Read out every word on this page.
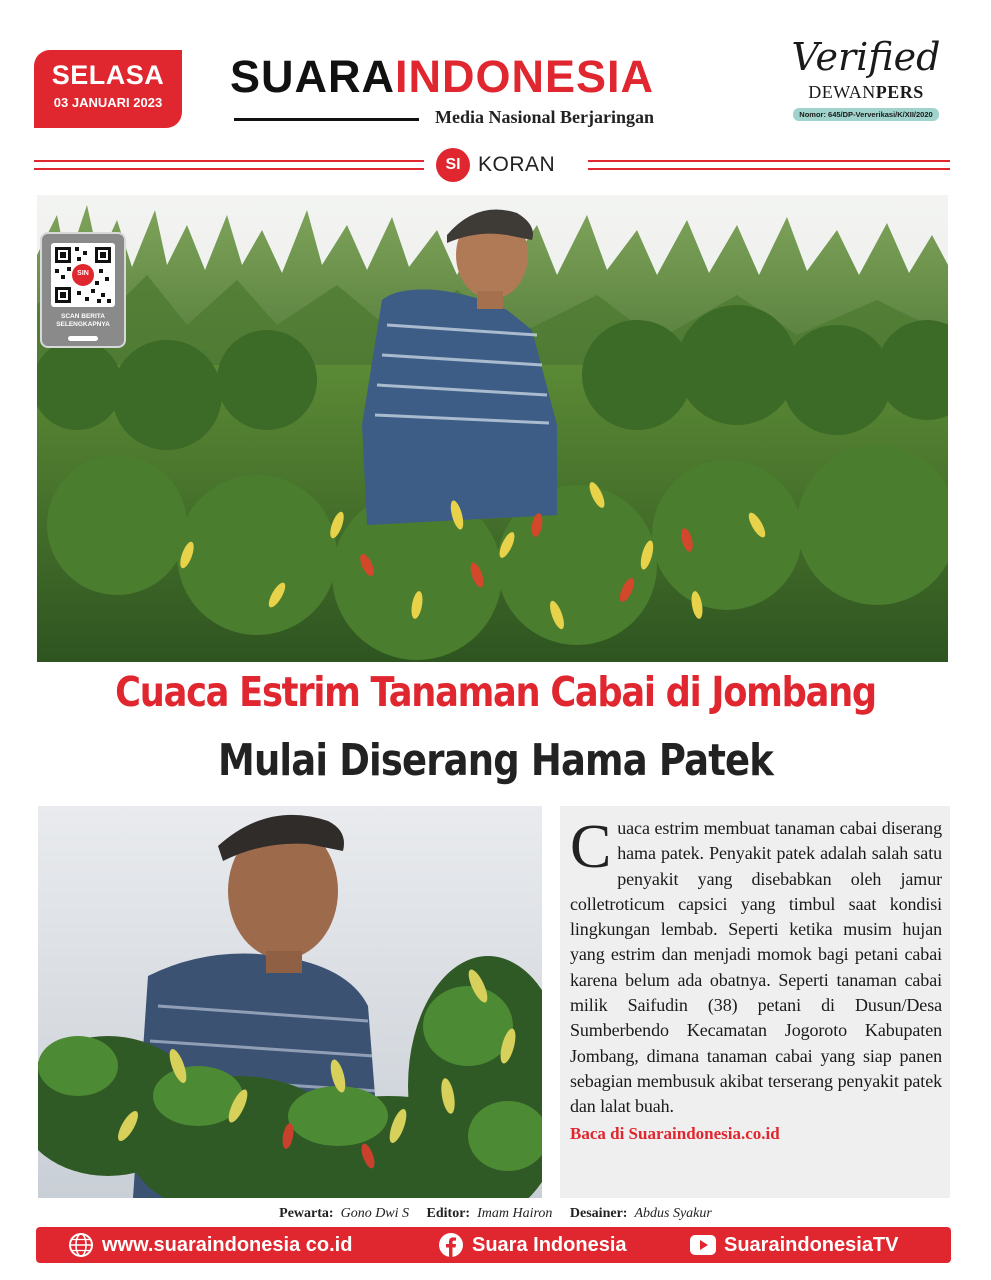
SELASA
03 JANUARI 2023
SUARAINDONESIA
Media Nasional Berjaringan
Verified
DEWANPERS
Nomor: 645/DP-Ververikasi/K/XII/2020
SI KORAN
SIN
SCAN BERITA
SELENGKAPNYA
Cuaca Estrim Tanaman Cabai di Jombang
Mulai Diserang Hama Patek

Cuaca estrim membuat tanaman cabai diserang hama patek. Penyakit patek adalah salah satu penyakit yang disebabkan oleh jamur colletroticum capsici yang timbul saat kondisi lingkungan lembab. Seperti ketika musim hujan yang estrim dan menjadi momok bagi petani cabai karena belum ada obatnya. Seperti tanaman cabai milik Saifudin (38) petani di Dusun/Desa Sumberbendo Kecamatan Jogoroto Kabupaten Jombang, dimana tanaman cabai yang siap panen sebagian membusuk akibat terserang penyakit patek dan lalat buah.

Baca di Suaraindonesia.co.id
Pewarta: Gono Dwi S Editor: Imam Hairon Desainer: Abdus Syakur
www.suaraindonesia co.id	Suara Indonesia	SuaraindonesiaTV
